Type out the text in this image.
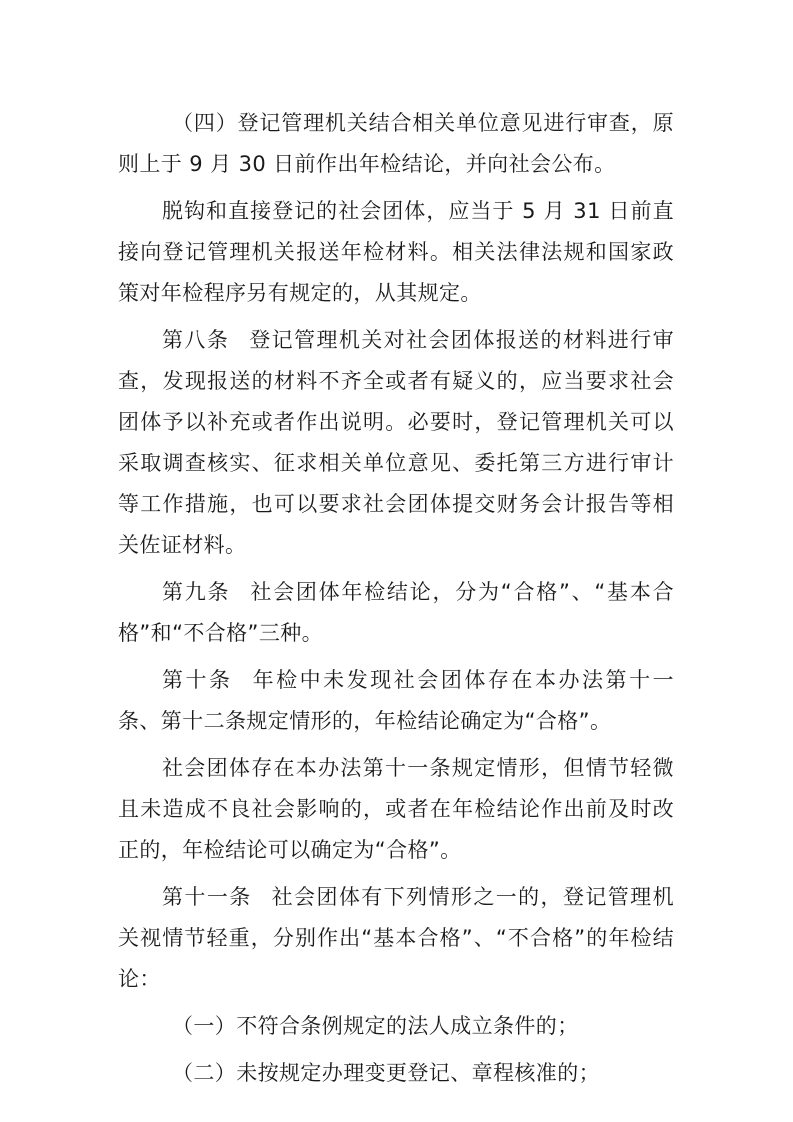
（四）登记管理机关结合相关单位意见进行审查，原则上于 9 月 30 日前作出年检结论，并向社会公布。

脱钩和直接登记的社会团体，应当于 5 月 31 日前直接向登记管理机关报送年检材料。相关法律法规和国家政策对年检程序另有规定的，从其规定。

第八条 登记管理机关对社会团体报送的材料进行审查，发现报送的材料不齐全或者有疑义的，应当要求社会团体予以补充或者作出说明。必要时，登记管理机关可以采取调查核实、征求相关单位意见、委托第三方进行审计等工作措施，也可以要求社会团体提交财务会计报告等相关佐证材料。

第九条 社会团体年检结论，分为“合格”、“基本合格”和“不合格”三种。

第十条 年检中未发现社会团体存在本办法第十一条、第十二条规定情形的，年检结论确定为“合格”。

社会团体存在本办法第十一条规定情形，但情节轻微且未造成不良社会影响的，或者在年检结论作出前及时改正的，年检结论可以确定为“合格”。

第十一条 社会团体有下列情形之一的，登记管理机关视情节轻重，分别作出“基本合格”、“不合格”的年检结论：

（一）不符合条例规定的法人成立条件的；

（二）未按规定办理变更登记、章程核准的；
